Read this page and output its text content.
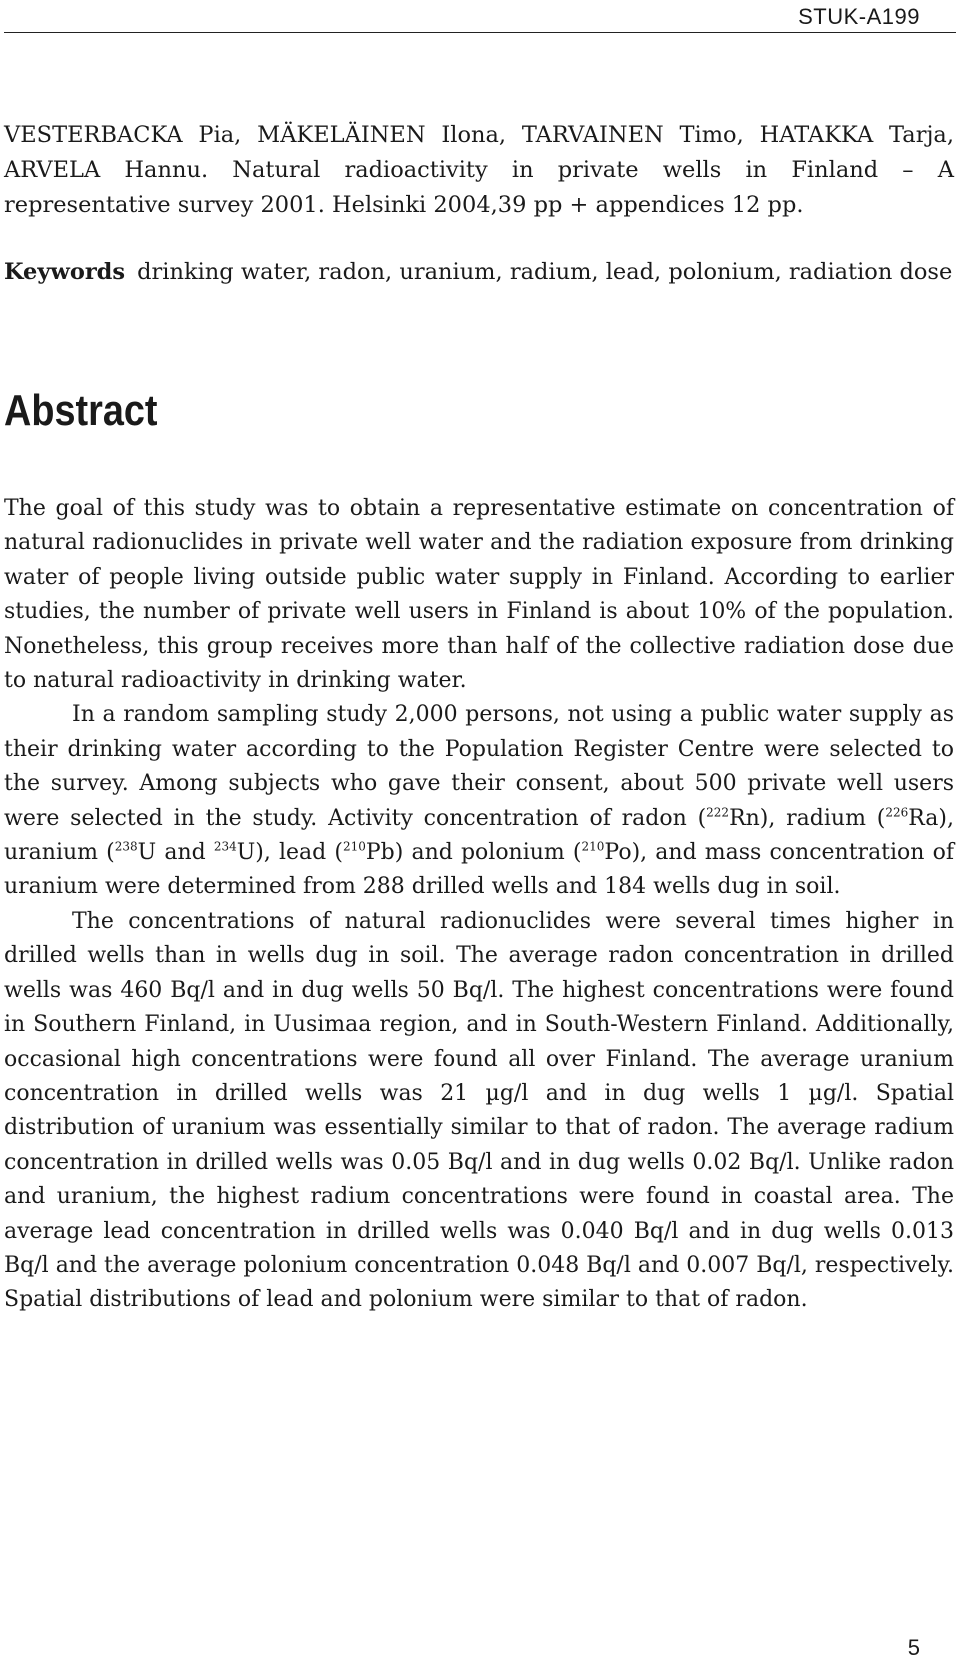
STUK-A199
VESTERBACKA Pia, MÄKELÄINEN Ilona, TARVAINEN Timo, HATAKKA Tarja, ARVELA Hannu. Natural radioactivity in private wells in Finland – A representative survey 2001. Helsinki 2004,39 pp + appendices 12 pp.
Keywords drinking water, radon, uranium, radium, lead, polonium, radiation dose
Abstract

The goal of this study was to obtain a representative estimate on concentration of natural radionuclides in private well water and the radiation exposure from drinking water of people living outside public water supply in Finland. According to earlier studies, the number of private well users in Finland is about 10% of the population. Nonetheless, this group receives more than half of the collective radiation dose due to natural radioactivity in drinking water.

In a random sampling study 2,000 persons, not using a public water supply as their drinking water according to the Population Register Centre were selected to the survey. Among subjects who gave their consent, about 500 private well users were selected in the study. Activity concentration of radon ($^{222}$Rn), radium ($^{226}$Ra), uranium ($^{238}$U and $^{234}$U), lead ($^{210}$Pb) and polonium ($^{210}$Po), and mass concentration of uranium were determined from 288 drilled wells and 184 wells dug in soil.

The concentrations of natural radionuclides were several times higher in drilled wells than in wells dug in soil. The average radon concentration in drilled wells was 460 Bq/l and in dug wells 50 Bq/l. The highest concentrations were found in Southern Finland, in Uusimaa region, and in South-Western Finland. Additionally, occasional high concentrations were found all over Finland. The average uranium concentration in drilled wells was 21 µg/l and in dug wells 1 µg/l. Spatial distribution of uranium was essentially similar to that of radon. The average radium concentration in drilled wells was 0.05 Bq/l and in dug wells 0.02 Bq/l. Unlike radon and uranium, the highest radium concentrations were found in coastal area. The average lead concentration in drilled wells was 0.040 Bq/l and in dug wells 0.013 Bq/l and the average polonium concentration 0.048 Bq/l and 0.007 Bq/l, respectively. Spatial distributions of lead and polonium were similar to that of radon.

5
